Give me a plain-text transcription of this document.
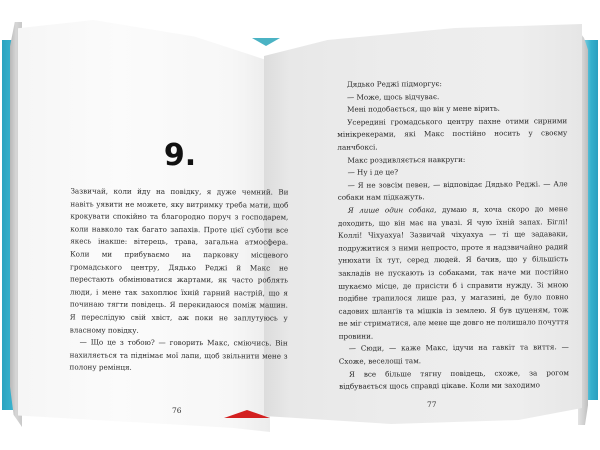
9.

Зазвичай, коли йду на повідку, я дуже чемний. Ви навіть уявити не можете, яку витримку треба мати, щоб крокувати спокійно та благородно поруч з господарем, коли навколо так багато запахів. Проте цієї суботи все якесь інакше: вітерець, трава, загальна атмосфера. Коли ми прибуваємо на парковку місцевого громадського центру, Дядько Реджі й Макс не перестають обмінюватися жартами, як часто роблять люди, і мене так захоплює їхній гарний настрій, що я починаю тягти повідець. Я перекидаюся поміж машин. Я переслідую свій хвіст, аж поки не заплутуюсь у власному повідку.

— Що це з тобою? — говорить Макс, сміючись. Він нахиляється та піднімає мої лапи, щоб звільнити мене з полону ремінця.

Дядько Реджі підморгує:

— Може, щось відчуває.

Мені подобається, що він у мене вірить.

Усередині громадського центру пахне отими сирними мінікрекерами, які Макс постійно носить у своєму ланчбоксі.

Макс роздивляється навкруги:

— Ну і де це?

— Я не зовсім певен, — відповідає Дядько Реджі. — Але собаки нам підкажуть.

Я лише один собака, думаю я, хоча скоро до мене доходить, що він має на увазі. Я чую їхній запах. Біглі! Коллі! Чіхуахуа! Зазвичай чіхуахуа — ті ще задаваки, подружитися з ними непросто, проте я надзвичайно радий унюхати їх тут, серед людей. Я бачив, що у більшість закладів не пускають із собаками, так наче ми постійно шукаємо місце, де присісти б і справити нужду. Зі мною подібне трапилося лише раз, у магазині, де було повно садових шлангів та мішків із землею. Я був цуценям, тож не міг стриматися, але мене ще довго не полишало почуття провини.

— Сюди, — каже Макс, ідучи на гавкіт та виття. — Схоже, веселощі там.

Я все більше тягну повідець, схоже, за рогом відбувається щось справді цікаве. Коли ми заходимо

76
77
